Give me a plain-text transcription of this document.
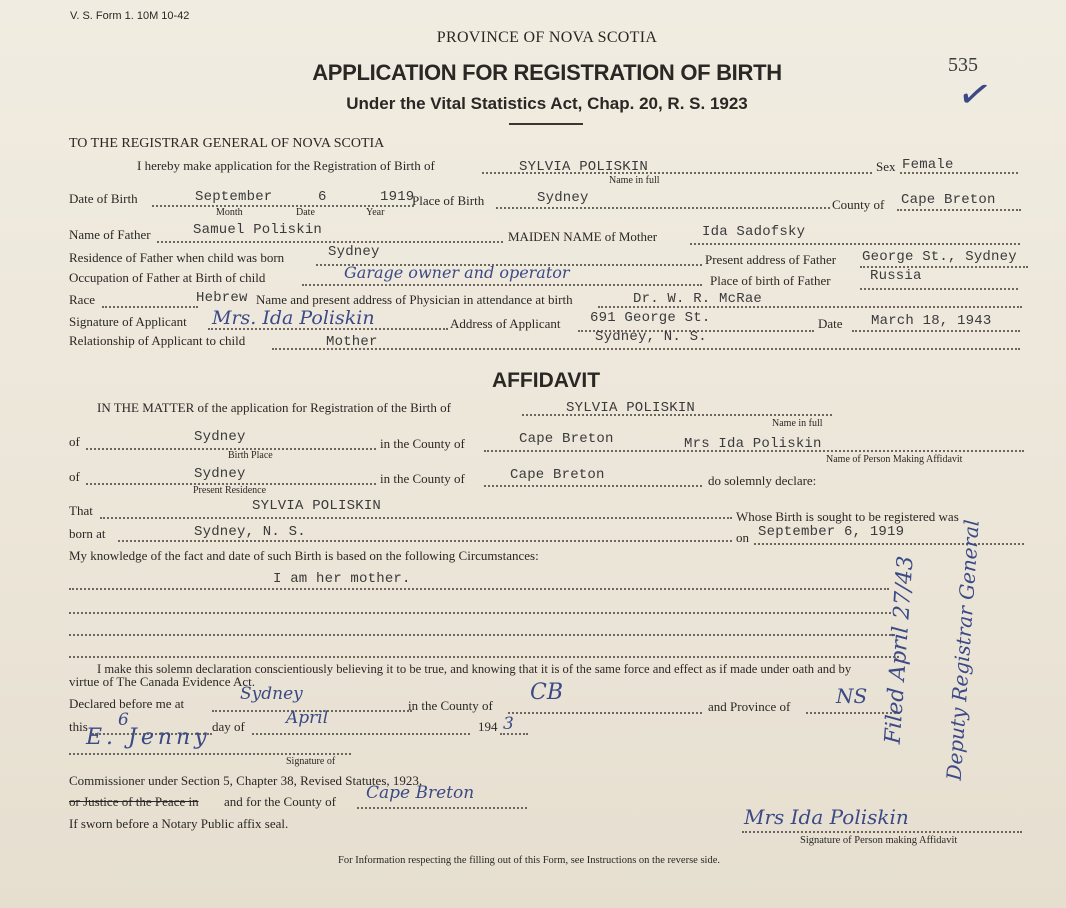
V. S. Form 1. 10M 10-42
535
✓
PROVINCE OF NOVA SCOTIA
APPLICATION FOR REGISTRATION OF BIRTH
Under the Vital Statistics Act, Chap. 20, R. S. 1923
TO THE REGISTRAR GENERAL OF NOVA SCOTIA
I hereby make application for the Registration of Birth of	SYLVIA POLISKIN
Name in full
Sex Female
Date of Birth	September	6	1919
Month	Date	Year
Place of Birth	Sydney	County of Cape Breton
Name of Father	Samuel Poliskin	MAIDEN NAME of Mother	Ida Sadofsky
Residence of Father when child was born	Sydney	Present address of Father George St., Sydney
Occupation of Father at Birth of child	Garage owner and operator	Place of birth of Father	Russia
Race	Hebrew Name and present address of Physician in attendance at birth	Dr. W. R. McRae
Signature of Applicant Mrs. Ida Poliskin	Address of Applicant 691 George St.	Date March 18, 1943
Relationship of Applicant to child	Mother	Sydney, N. S.
AFFIDAVIT
IN THE MATTER of the application for Registration of the Birth of	SYLVIA POLISKIN
Name in full
of	Sydney
Birth Place
in the County of	Cape Breton	Mrs Ida Poliskin
Name of Person Making Affidavit
of	Sydney
Present Residence
in the County of	Cape Breton	do solemnly declare:
That	SYLVIA POLISKIN
Whose Birth is sought to be registered was
born at	Sydney, N. S.	on September 6, 1919
My knowledge of the fact and date of such Birth is based on the following Circumstances:
I am her mother.
I make this solemn declaration conscientiously believing it to be true, and knowing that it is of the same force and effect as if made under oath and by
virtue of The Canada Evidence Act.
Declared before me at	Sydney
in the County of
CB
and Province of NS
this 6	day of April	194 3
E. Jenny
Signature of
Commissioner under Section 5, Chapter 38, Revised Statutes, 1923,
or Justice of the Peace in and for the County of Cape Breton
If sworn before a Notary Public affix seal.	Mrs Ida Poliskin
Signature of Person making Affidavit
Filed April 27/43 Deputy Registrar General
For Information respecting the filling out of this Form, see Instructions on the reverse side.
